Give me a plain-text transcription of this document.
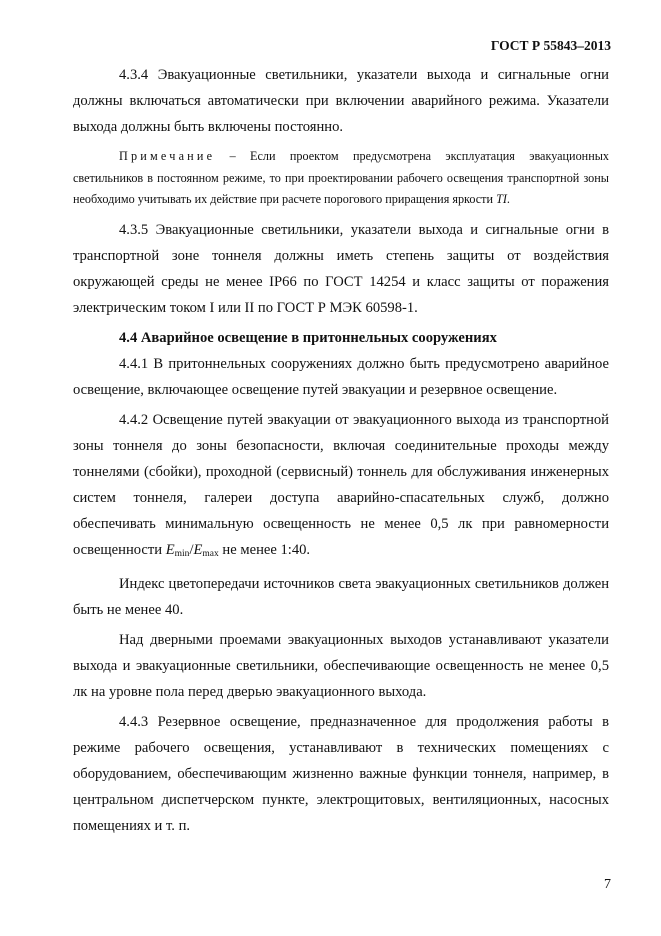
ГОСТ Р 55843–2013

4.3.4 Эвакуационные светильники, указатели выхода и сигнальные огни должны включаться автоматически при включении аварийного режима. Указатели выхода должны быть включены постоянно.

Примечание – Если проектом предусмотрена эксплуатация эвакуационных светильников в постоянном режиме, то при проектировании рабочего освещения транспортной зоны необходимо учитывать их действие при расчете порогового приращения яркости TI.

4.3.5 Эвакуационные светильники, указатели выхода и сигнальные огни в транспортной зоне тоннеля должны иметь степень защиты от воздействия окружающей среды не менее IP66 по ГОСТ 14254 и класс защиты от поражения электрическим током I или II по ГОСТ Р МЭК 60598-1.

4.4 Аварийное освещение в притоннельных сооружениях

4.4.1 В притоннельных сооружениях должно быть предусмотрено аварийное освещение, включающее освещение путей эвакуации и резервное освещение.

4.4.2 Освещение путей эвакуации от эвакуационного выхода из транспортной зоны тоннеля до зоны безопасности, включая соединительные проходы между тоннелями (сбойки), проходной (сервисный) тоннель для обслуживания инженерных систем тоннеля, галереи доступа аварийно-спасательных служб, должно обеспечивать минимальную освещенность не менее 0,5 лк при равномерности освещенности $E_{min}/E_{max}$ не менее 1:40.

Индекс цветопередачи источников света эвакуационных светильников должен быть не менее 40.

Над дверными проемами эвакуационных выходов устанавливают указатели выхода и эвакуационные светильники, обеспечивающие освещенность не менее 0,5 лк на уровне пола перед дверью эвакуационного выхода.

4.4.3 Резервное освещение, предназначенное для продолжения работы в режиме рабочего освещения, устанавливают в технических помещениях с оборудованием, обеспечивающим жизненно важные функции тоннеля, например, в центральном диспетчерском пункте, электрощитовых, вентиляционных, насосных помещениях и т. п.

7
